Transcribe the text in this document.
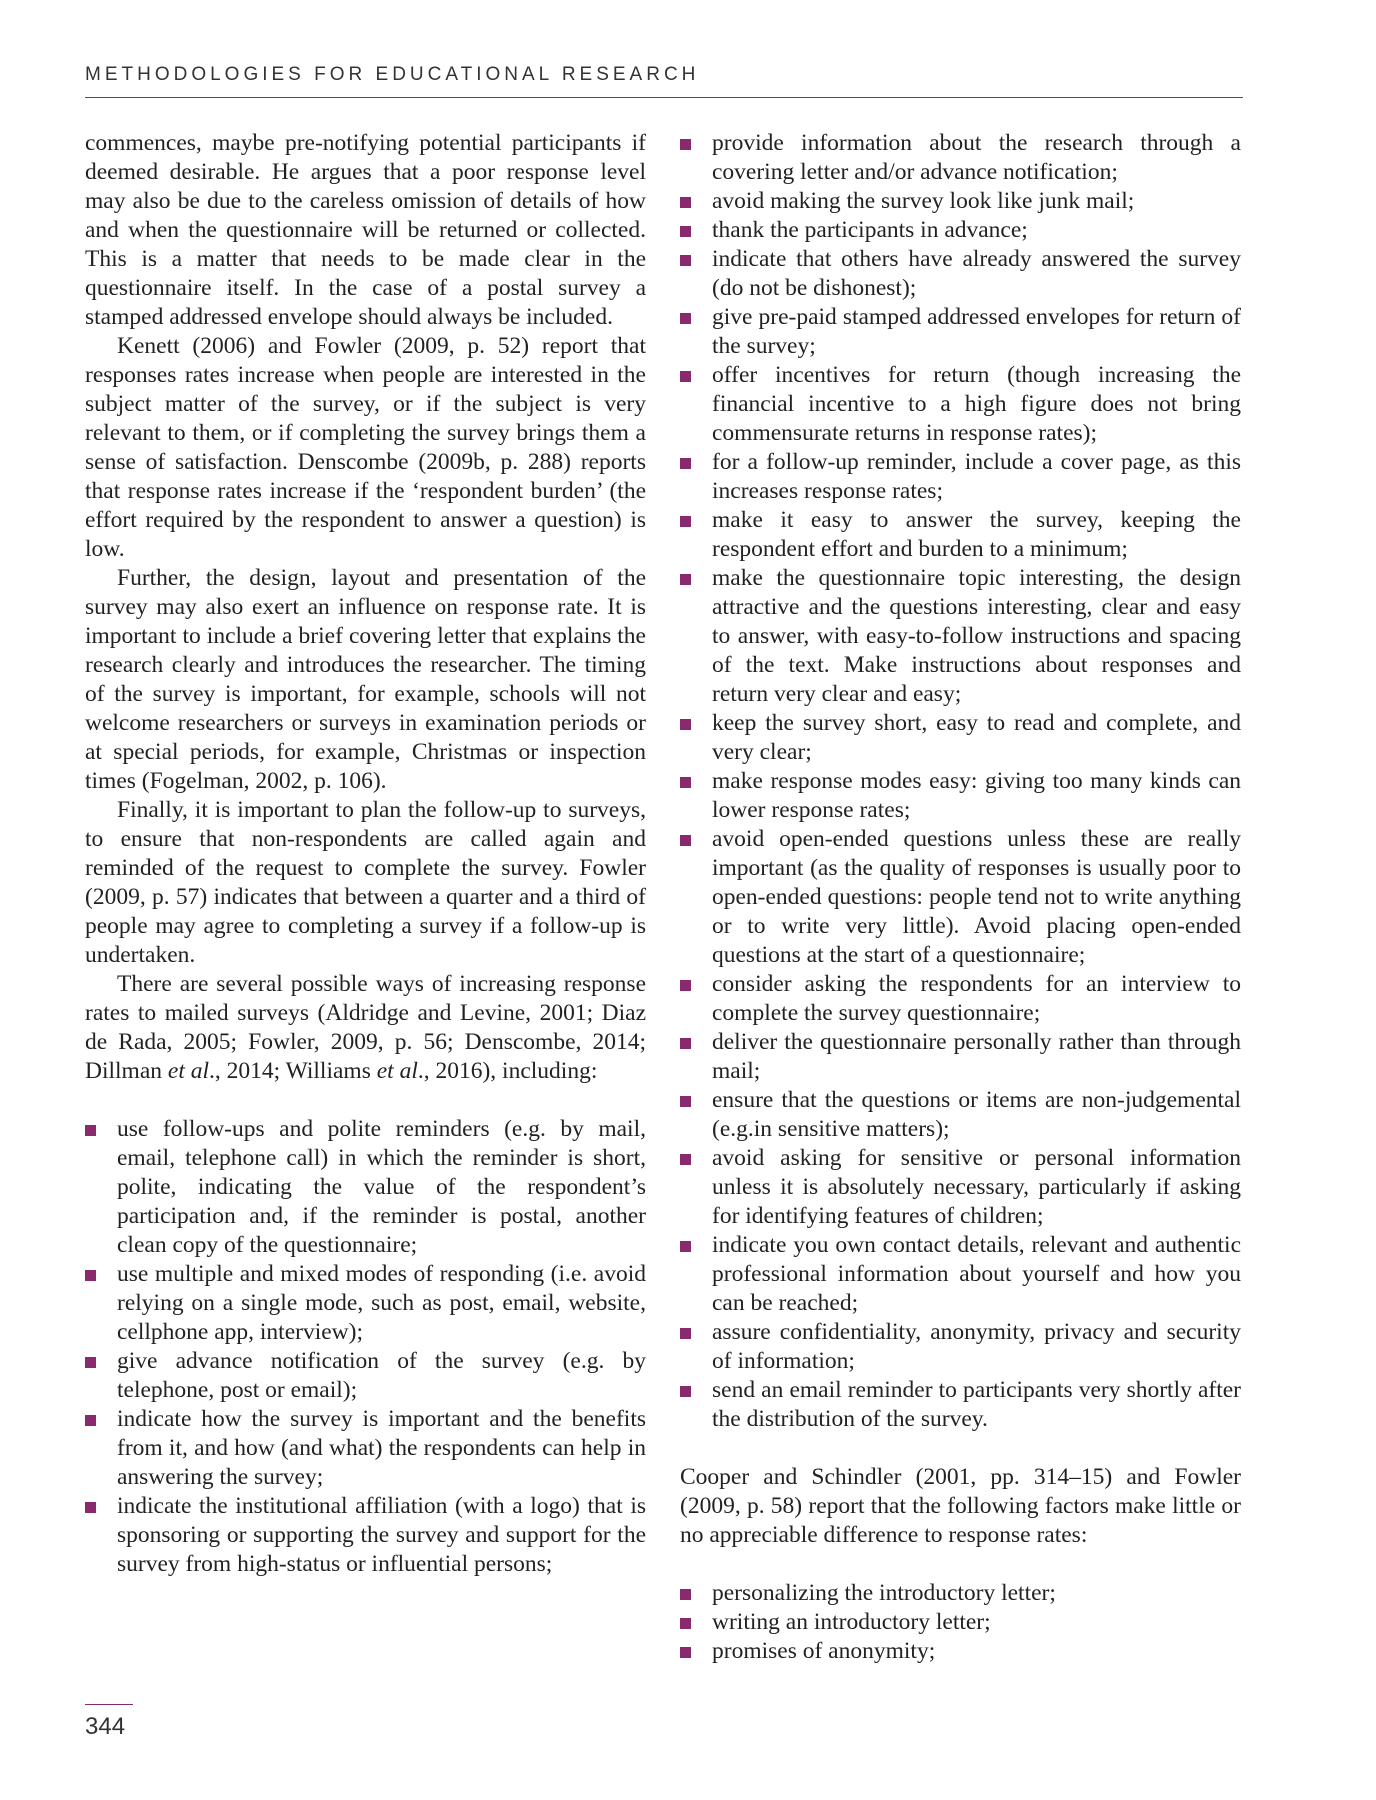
METHODOLOGIES FOR EDUCATIONAL RESEARCH

commences, maybe pre-notifying potential participants if deemed desirable. He argues that a poor response level may also be due to the careless omission of details of how and when the questionnaire will be returned or collected. This is a matter that needs to be made clear in the questionnaire itself. In the case of a postal survey a stamped addressed envelope should always be included.

Kenett (2006) and Fowler (2009, p. 52) report that responses rates increase when people are interested in the subject matter of the survey, or if the subject is very relevant to them, or if completing the survey brings them a sense of satisfaction. Denscombe (2009b, p. 288) reports that response rates increase if the ‘respondent burden’ (the effort required by the respondent to answer a question) is low.

Further, the design, layout and presentation of the survey may also exert an influence on response rate. It is important to include a brief covering letter that explains the research clearly and introduces the researcher. The timing of the survey is important, for example, schools will not welcome researchers or surveys in examination periods or at special periods, for example, Christmas or inspection times (Fogelman, 2002, p. 106).

Finally, it is important to plan the follow-up to surveys, to ensure that non-respondents are called again and reminded of the request to complete the survey. Fowler (2009, p. 57) indicates that between a quarter and a third of people may agree to completing a survey if a follow-up is undertaken.

There are several possible ways of increasing response rates to mailed surveys (Aldridge and Levine, 2001; Diaz de Rada, 2005; Fowler, 2009, p. 56; Denscombe, 2014; Dillman et al., 2014; Williams et al., 2016), including:

use follow-ups and polite reminders (e.g. by mail, email, telephone call) in which the reminder is short, polite, indicating the value of the respondent’s participation and, if the reminder is postal, another clean copy of the questionnaire;
use multiple and mixed modes of responding (i.e. avoid relying on a single mode, such as post, email, website, cellphone app, interview);
give advance notification of the survey (e.g. by telephone, post or email);
indicate how the survey is important and the benefits from it, and how (and what) the respondents can help in answering the survey;
indicate the institutional affiliation (with a logo) that is sponsoring or supporting the survey and support for the survey from high-status or influential persons;
provide information about the research through a covering letter and/or advance notification;
avoid making the survey look like junk mail;
thank the participants in advance;
indicate that others have already answered the survey (do not be dishonest);
give pre-paid stamped addressed envelopes for return of the survey;
offer incentives for return (though increasing the financial incentive to a high figure does not bring commensurate returns in response rates);
for a follow-up reminder, include a cover page, as this increases response rates;
make it easy to answer the survey, keeping the respondent effort and burden to a minimum;
make the questionnaire topic interesting, the design attractive and the questions interesting, clear and easy to answer, with easy-to-follow instructions and spacing of the text. Make instructions about responses and return very clear and easy;
keep the survey short, easy to read and complete, and very clear;
make response modes easy: giving too many kinds can lower response rates;
avoid open-ended questions unless these are really important (as the quality of responses is usually poor to open-ended questions: people tend not to write anything or to write very little). Avoid placing open-ended questions at the start of a questionnaire;
consider asking the respondents for an interview to complete the survey questionnaire;
deliver the questionnaire personally rather than through mail;
ensure that the questions or items are non-judgemental (e.g.in sensitive matters);
avoid asking for sensitive or personal information unless it is absolutely necessary, particularly if asking for identifying features of children;
indicate you own contact details, relevant and authentic professional information about yourself and how you can be reached;
assure confidentiality, anonymity, privacy and security of information;
send an email reminder to participants very shortly after the distribution of the survey.

Cooper and Schindler (2001, pp. 314–15) and Fowler (2009, p. 58) report that the following factors make little or no appreciable difference to response rates:

personalizing the introductory letter;
writing an introductory letter;
promises of anonymity;
344
